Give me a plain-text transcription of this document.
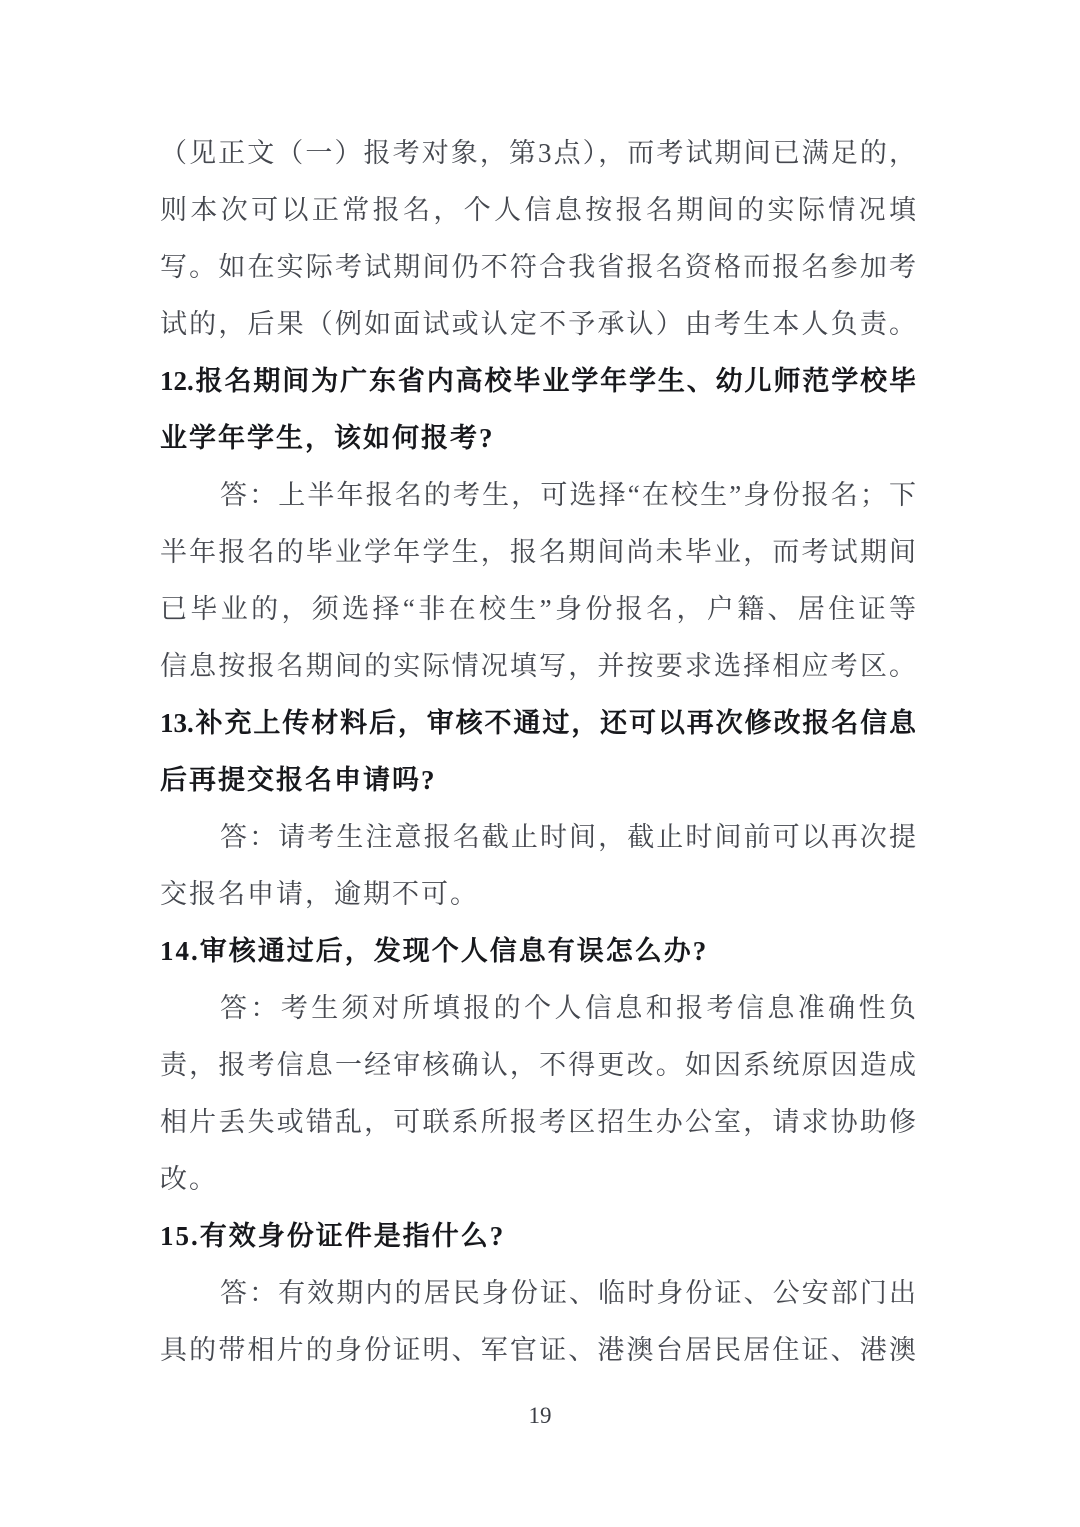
（见正文（一）报考对象，第3点），而考试期间已满足的，
则本次可以正常报名，个人信息按报名期间的实际情况填
写。如在实际考试期间仍不符合我省报名资格而报名参加考
试的，后果（例如面试或认定不予承认）由考生本人负责。
12.报名期间为广东省内高校毕业学年学生、幼儿师范学校毕
业学年学生，该如何报考?
答：上半年报名的考生，可选择“在校生”身份报名；下
半年报名的毕业学年学生，报名期间尚未毕业，而考试期间
已毕业的，须选择“非在校生”身份报名，户籍、居住证等
信息按报名期间的实际情况填写，并按要求选择相应考区。
13.补充上传材料后，审核不通过，还可以再次修改报名信息
后再提交报名申请吗?
答：请考生注意报名截止时间，截止时间前可以再次提
交报名申请，逾期不可。
14.审核通过后，发现个人信息有误怎么办?
答：考生须对所填报的个人信息和报考信息准确性负
责，报考信息一经审核确认，不得更改。如因系统原因造成
相片丢失或错乱，可联系所报考区招生办公室，请求协助修
改。
15.有效身份证件是指什么?
答：有效期内的居民身份证、临时身份证、公安部门出
具的带相片的身份证明、军官证、港澳台居民居住证、港澳
19
